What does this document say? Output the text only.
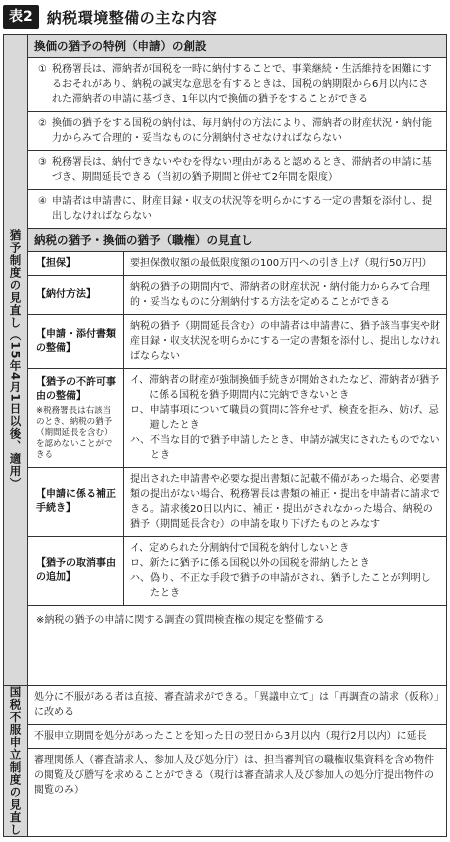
表2 納税環境整備の主な内容
猶予制度の見直し（15年4月1日以後、適用）
換価の猶予の特例（申請）の創設
① 税務署長は、滞納者が国税を一時に納付することで、事業継続・生活維持を困難にするおそれがあり、納税の誠実な意思を有するときは、国税の納期限から6月以内にされた滞納者の申請に基づき、1年以内で換価の猶予をすることができる
② 換価の猶予をする国税の納付は、毎月納付の方法により、滞納者の財産状況・納付能力からみて合理的・妥当なものに分割納付させなければならない
③ 税務署長は、納付できないやむを得ない理由があると認めるとき、滞納者の申請に基づき、期間延長できる（当初の猶予期間と併せて2年間を限度）
④ 申請者は申請書に、財産目録・収支の状況等を明らかにする一定の書類を添付し、提出しなければならない
納税の猶予・換価の猶予（職権）の見直し
【担保】	要担保徴収額の最低限度額の100万円への引き上げ（現行50万円）
【納付方法】
納税の猶予の期間内で、滞納者の財産状況・納付能力からみて合理的・妥当なものに分割納付する方法を定めることができる
【申請・添付書類の整備】
納税の猶予（期間延長含む）の申請者は申請書に、猶予該当事実や財産目録・収支状況を明らかにする一定の書類を添付し、提出しなければならない
【猶予の不許可事由の整備】
※税務署長は右該当のとき、納税の猶予（期間延長を含む）を認めないことができる
イ、 滞納者の財産が強制換価手続きが開始されたなど、滞納者が猶予に係る国税を猶予期間内に完納できないとき
ロ、 申請事項について職員の質問に答弁せず、検査を拒み、妨げ、忌避したとき
ハ、 不当な目的で猶予申請したとき、申請が誠実にされたものでないとき
【申請に係る補正手続き】
提出された申請書や必要な提出書類に記載不備があった場合、必要書類の提出がない場合、税務署長は書類の補正・提出を申請者に請求できる。請求後20日以内に、補正・提出がされなかった場合、納税の猶予（期間延長含む）の申請を取り下げたものとみなす
【猶予の取消事由の追加】
イ、 定められた分割納付で国税を納付しないとき
ロ、 新たに猶予に係る国税以外の国税を滞納したとき
ハ、 偽り、不正な手段で猶予の申請がされ、猶予したことが判明したとき
※納税の猶予の申請に関する調査の質問検査権の規定を整備する
国税不服申立制度の見直し	処分に不服がある者は直接、審査請求ができる。「異議申立て」は「再調査の請求（仮称）」に改める
不服申立期間を処分があったことを知った日の翌日から3月以内（現行2月以内）に延長
審理関係人（審査請求人、参加人及び処分庁）は、担当審判官の職権収集資料を含め物件の閲覧及び謄写を求めることができる（現行は審査請求人及び参加人の処分庁提出物件の閲覧のみ）
